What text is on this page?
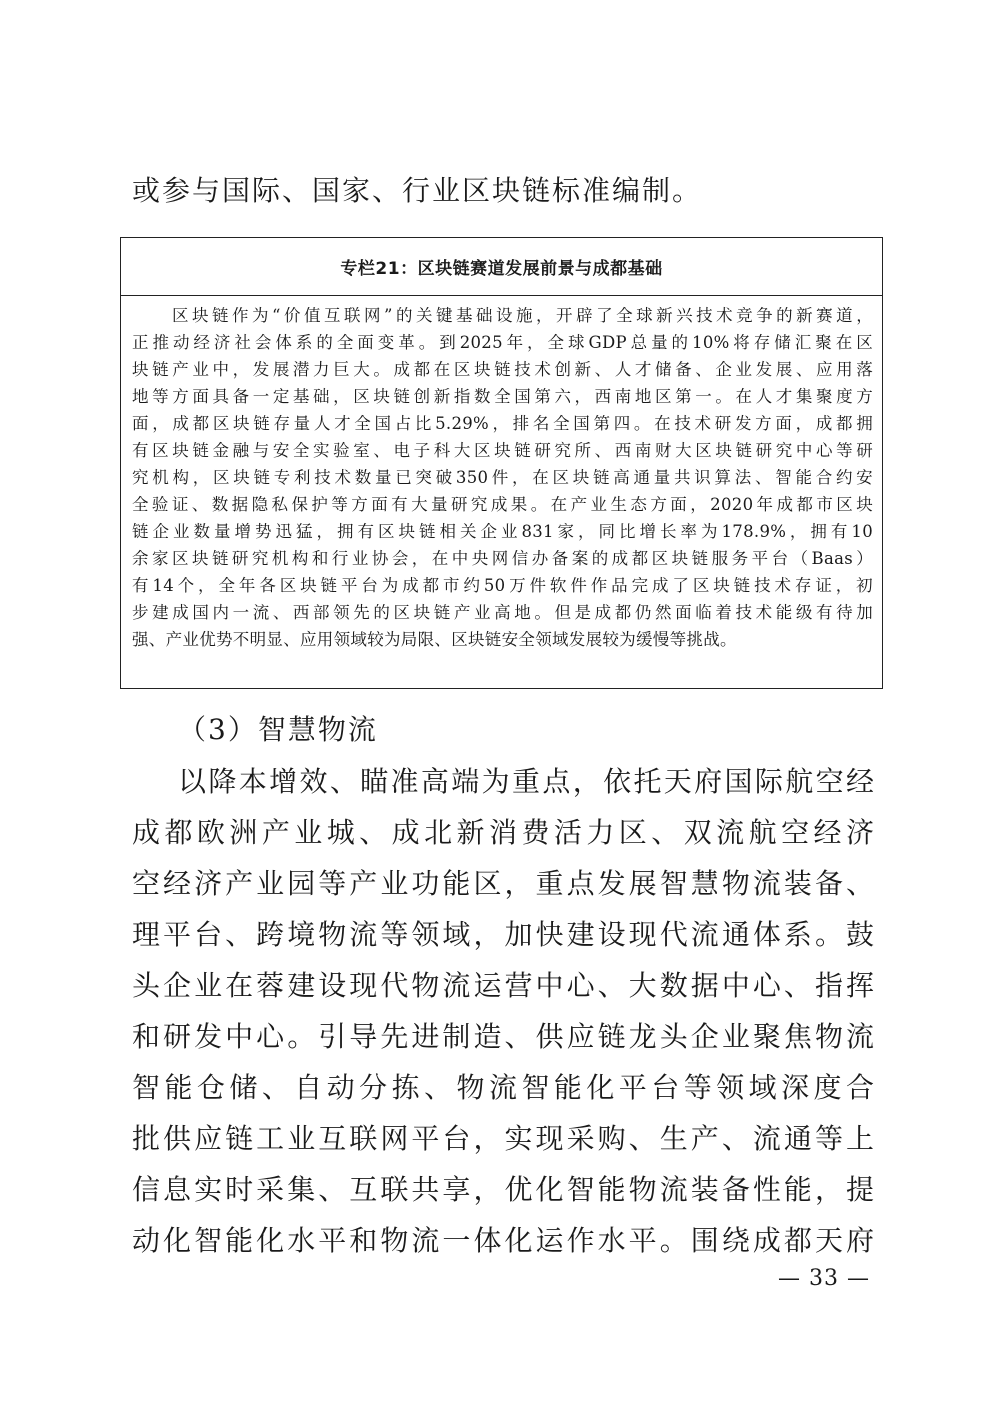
或参与国际、国家、行业区块链标准编制。

专栏21：区块链赛道发展前景与成都基础
　　区块链作为“价值互联网”的关键基础设施，开辟了全球新兴技术竞争的新赛道，
正推动经济社会体系的全面变革。到2025年，全球GDP总量的10%将存储汇聚在区
块链产业中，发展潜力巨大。成都在区块链技术创新、人才储备、企业发展、应用落
地等方面具备一定基础，区块链创新指数全国第六，西南地区第一。在人才集聚度方
面，成都区块链存量人才全国占比5.29%，排名全国第四。在技术研发方面，成都拥
有区块链金融与安全实验室、电子科大区块链研究所、西南财大区块链研究中心等研
究机构，区块链专利技术数量已突破350件，在区块链高通量共识算法、智能合约安
全验证、数据隐私保护等方面有大量研究成果。在产业生态方面，2020年成都市区块
链企业数量增势迅猛，拥有区块链相关企业831家，同比增长率为178.9%，拥有10
余家区块链研究机构和行业协会，在中央网信办备案的成都区块链服务平台（Baas）
有14个，全年各区块链平台为成都市约50万件软件作品完成了区块链技术存证，初
步建成国内一流、西部领先的区块链产业高地。但是成都仍然面临着技术能级有待加
强、产业优势不明显、应用领域较为局限、区块链安全领域发展较为缓慢等挑战。

（3）智慧物流

以降本增效、瞄准高端为重点，依托天府国际航空经

成都欧洲产业城、成北新消费活力区、双流航空经济

空经济产业园等产业功能区，重点发展智慧物流装备、

理平台、跨境物流等领域，加快建设现代流通体系。鼓

头企业在蓉建设现代物流运营中心、大数据中心、指挥

和研发中心。引导先进制造、供应链龙头企业聚焦物流

智能仓储、自动分拣、物流智能化平台等领域深度合

批供应链工业互联网平台，实现采购、生产、流通等上

信息实时采集、互联共享，优化智能物流装备性能，提

动化智能化水平和物流一体化运作水平。围绕成都天府

— 33 —
